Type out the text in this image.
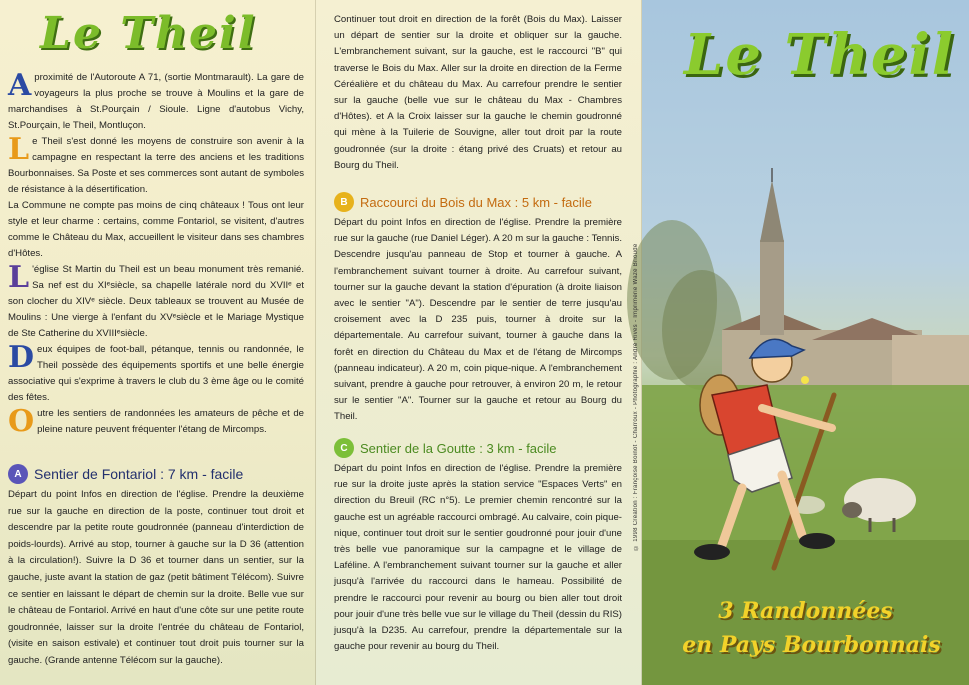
Le Theil

A proximité de l'Autoroute A 71, (sortie Montmarault). La gare de voyageurs la plus proche se trouve à Moulins et la gare de marchandises à St.Pourçain / Sioule. Ligne d'autobus Vichy, St.Pourçain, le Theil, Montluçon.

Le Theil s'est donné les moyens de construire son avenir à la campagne en respectant la terre des anciens et les traditions Bourbonnaises. Sa Poste et ses commerces sont autant de symboles de résistance à la désertification.

La Commune ne compte pas moins de cinq châteaux ! Tous ont leur style et leur charme : certains, comme Fontariol, se visitent, d'autres comme le Château du Max, accueillent le visiteur dans ses chambres d'Hôtes.

L 'église St Martin du Theil est un beau monument très remanié. Sa nef est du XIᵉsiècle, sa chapelle latérale nord du XVIIᵉ et son clocher du XIVᵉ siècle. Deux tableaux se trouvent au Musée de Moulins : Une vierge à l'enfant du XVᵉsiècle et le Mariage Mystique de Ste Catherine du XVIIIᵉsiècle.

Deux équipes de foot-ball, pétanque, tennis ou randonnée, le Theil possède des équipements sportifs et une belle énergie associative qui s'exprime à travers le club du 3 ème âge ou le comité des fêtes.

Outre les sentiers de randonnées les amateurs de pêche et de pleine nature peuvent fréquenter l'étang de Mircomps.

A Sentier de Fontariol : 7 km - facile
Départ du point Infos en direction de l'église. Prendre la deuxième rue sur la gauche en direction de la poste, continuer tout droit et descendre par la petite route goudronnée (panneau d'interdiction de poids-lourds). Arrivé au stop, tourner à gauche sur la D 36 (attention à la circulation!). Suivre la D 36 et tourner dans un sentier, sur la gauche, juste avant la station de gaz (petit bâtiment Télécom). Suivre ce sentier en laissant le départ de chemin sur la droite. Belle vue sur le château de Fontariol. Arrivé en haut d'une côte sur une petite route goudronnée, laisser sur la droite l'entrée du château de Fontariol, (visite en saison estivale) et continuer tout droit puis tourner sur la gauche. (Grande antenne Télécom sur la gauche).
Continuer tout droit en direction de la forêt (Bois du Max). Laisser un départ de sentier sur la droite et obliquer sur la gauche. L'embranchement suivant, sur la gauche, est le raccourci "B" qui traverse le Bois du Max. Aller sur la droite en direction de la Ferme Céréalière et du château du Max. Au carrefour prendre le sentier sur la gauche (belle vue sur le château du Max - Chambres d'Hôtes). et A la Croix laisser sur la gauche le chemin goudronné qui mène à la Tuilerie de Souvigne, aller tout droit par la route goudronnée (sur la droite : étang privé des Cruats) et retour au Bourg du Theil.
B Raccourci du Bois du Max : 5 km - facile
Départ du point Infos en direction de l'église. Prendre la première rue sur la gauche (rue Daniel Léger). A 20 m sur la gauche : Tennis. Descendre jusqu'au panneau de Stop et tourner à gauche. A l'embranchement suivant tourner à droite. Au carrefour suivant, tourner sur la gauche devant la station d'épuration (à droite liaison avec le sentier "A"). Descendre par le sentier de terre jusqu'au croisement avec la D 235 puis, tourner à droite sur la départementale. Au carrefour suivant, tourner à gauche dans la forêt en direction du Château du Max et de l'étang de Mircomps (panneau indicateur). A 20 m, coin pique-nique. A l'embranchement suivant, prendre à gauche pour retrouver, à environ 20 m, le retour sur le sentier "A". Tourner sur la gauche et retour au Bourg du Theil.
C Sentier de la Goutte : 3 km - facile
Départ du point Infos en direction de l'église. Prendre la première rue sur la droite juste après la station service "Espaces Verts" en direction du Breuil (RC n°5). Le premier chemin rencontré sur la gauche est un agréable raccourci ombragé. Au calvaire, coin pique-nique, continuer tout droit sur le sentier goudronné pour jouir d'une très belle vue panoramique sur la campagne et le village de Laféline. A l'embranchement suivant tourner sur la gauche et aller jusqu'à l'arrivée du raccourci dans le hameau. Possibilité de prendre le raccourci pour revenir au bourg ou bien aller tout droit pour jouir d'une très belle vue sur le village du Theil (dessin du RIS) jusqu'à la D235. Au carrefour, prendre la départementale sur la gauche pour revenir au bourg du Theil.
Le Theil
3 Randonnées
en Pays Bourbonnais
© 1998 Création : Françoise Boinot - Charroux - Photographie : André Rives - Imprimerie Wazé Brioude
